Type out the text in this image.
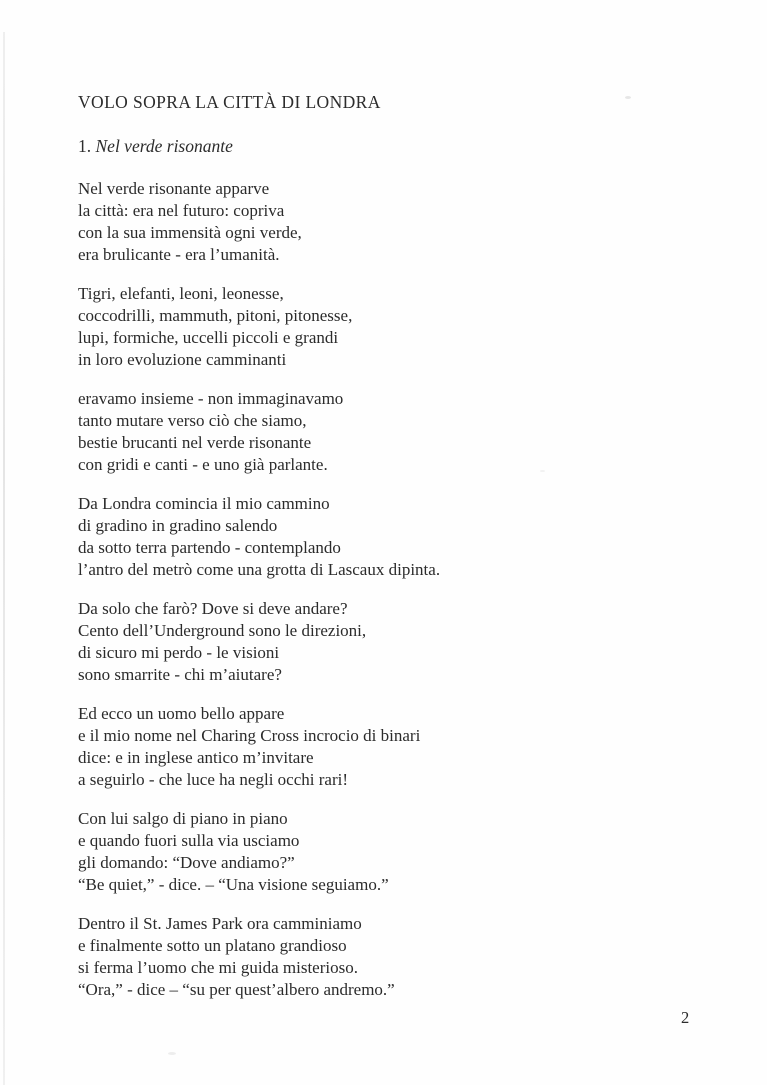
VOLO SOPRA LA CITTÀ DI LONDRA
1. Nel verde risonante
Nel verde risonante apparve
la città: era nel futuro: copriva
con la sua immensità ogni verde,
era brulicante - era l’umanità.
Tigri, elefanti, leoni, leonesse,
coccodrilli, mammuth, pitoni, pitonesse,
lupi, formiche, uccelli piccoli e grandi
in loro evoluzione camminanti
eravamo insieme - non immaginavamo
tanto mutare verso ciò che siamo,
bestie brucanti nel verde risonante
con gridi e canti - e uno già parlante.
Da Londra comincia il mio cammino
di gradino in gradino salendo
da sotto terra partendo - contemplando
l’antro del metrò come una grotta di Lascaux dipinta.
Da solo che farò? Dove si deve andare?
Cento dell’Underground sono le direzioni,
di sicuro mi perdo - le visioni
sono smarrite - chi m’aiutare?
Ed ecco un uomo bello appare
e il mio nome nel Charing Cross incrocio di binari
dice: e in inglese antico m’invitare
a seguirlo - che luce ha negli occhi rari!
Con lui salgo di piano in piano
e quando fuori sulla via usciamo
gli domando: “Dove andiamo?”
“Be quiet,” - dice. – “Una visione seguiamo.”
Dentro il St. James Park ora camminiamo
e finalmente sotto un platano grandioso
si ferma l’uomo che mi guida misterioso.
“Ora,” - dice – “su per quest’albero andremo.”
2
